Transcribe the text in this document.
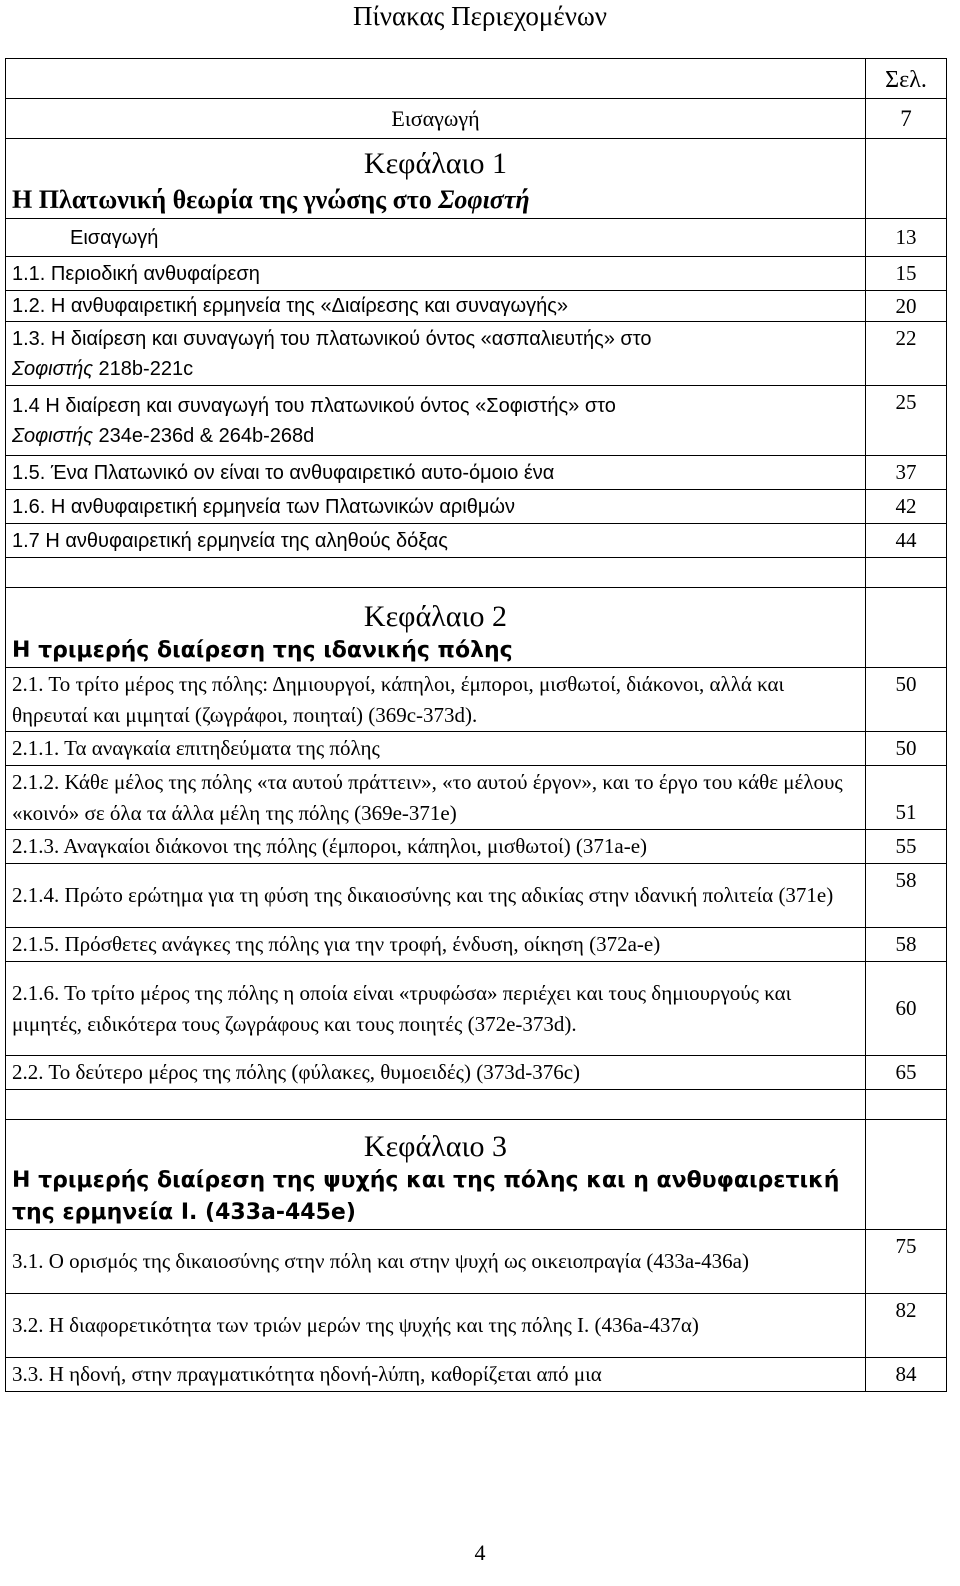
Πίνακας Περιεχομένων
	Σελ.
Εισαγωγή	7

Κεφάλαιο 1
Η Πλατωνική θεωρία της γνώσης στο Σοφιστή	

Εισαγωγή	13
1.1. Περιοδική ανθυφαίρεση	15
1.2. Η ανθυφαιρετική ερμηνεία της «Διαίρεσης και συναγωγής»	20
1.3. Η διαίρεση και συναγωγή του πλατωνικού όντος «ασπαλιευτής» στο
Σοφιστής 218b-221c	22
1.4 Η διαίρεση και συναγωγή του πλατωνικού όντος «Σοφιστής» στο
Σοφιστής 234e-236d & 264b-268d	25
1.5. Ένα Πλατωνικό ον είναι το ανθυφαιρετικό αυτο-όμοιο ένα	37
1.6. Η ανθυφαιρετική ερμηνεία των Πλατωνικών αριθμών	42
1.7 Η ανθυφαιρετική ερμηνεία της αληθούς δόξας	44

Κεφάλαιο 2
Η τριμερής διαίρεση της ιδανικής πόλης	

2.1. Το τρίτο μέρος της πόλης: Δημιουργοί, κάπηλοι, έμποροι, μισθωτοί, διάκονοι, αλλά και θηρευταί και μιμηταί (ζωγράφοι, ποιηταί) (369c-373d).	50
2.1.1. Τα αναγκαία επιτηδεύματα της πόλης	50
2.1.2. Κάθε μέλος της πόλης «τα αυτού πράττειν», «το αυτού έργον», και το έργο του κάθε μέλους «κοινό» σε όλα τα άλλα μέλη της πόλης (369e-371e)	51
2.1.3. Αναγκαίοι διάκονοι της πόλης (έμποροι, κάπηλοι, μισθωτοί) (371a-e)	55
2.1.4. Πρώτο ερώτημα για τη φύση της δικαιοσύνης και της αδικίας στην ιδανική πολιτεία (371e)	58
2.1.5. Πρόσθετες ανάγκες της πόλης για την τροφή, ένδυση, οίκηση (372a-e)	58
2.1.6. Το τρίτο μέρος της πόλης η οποία είναι «τρυφώσα» περιέχει και τους δημιουργούς και μιμητές, ειδικότερα τους ζωγράφους και τους ποιητές (372e-373d).	60
2.2. Το δεύτερο μέρος της πόλης (φύλακες, θυμοειδές) (373d-376c)	65

Κεφάλαιο 3
Η τριμερής διαίρεση της ψυχής και της πόλης και η ανθυφαιρετική της ερμηνεία Ι. (433a-445e)	

3.1. Ο ορισμός της δικαιοσύνης στην πόλη και στην ψυχή ως οικειοπραγία (433a-436a)	75
3.2. Η διαφορετικότητα των τριών μερών της ψυχής και της πόλης Ι. (436a-437α)	82
3.3. Η ηδονή, στην πραγματικότητα ηδονή-λύπη, καθορίζεται από μια	84
4
